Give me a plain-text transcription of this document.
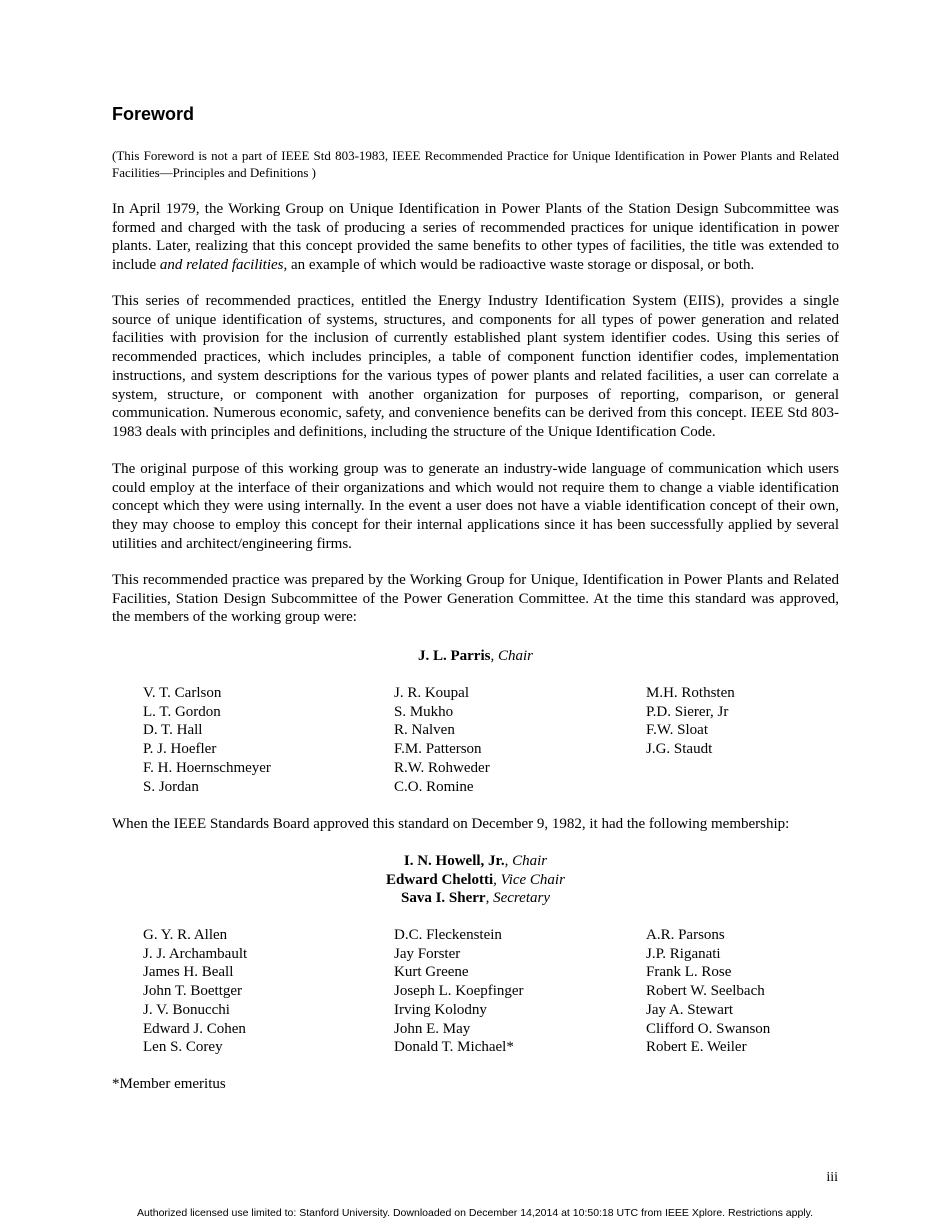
Foreword
(This Foreword is not a part of IEEE Std 803-1983, IEEE Recommended Practice for Unique Identification in Power Plants and Related Facilities—Principles and Definitions )
In April 1979, the Working Group on Unique Identification in Power Plants of the Station Design Subcommittee was formed and charged with the task of producing a series of recommended practices for unique identification in power plants. Later, realizing that this concept provided the same benefits to other types of facilities, the title was extended to include and related facilities, an example of which would be radioactive waste storage or disposal, or both.
This series of recommended practices, entitled the Energy Industry Identification System (EIIS), provides a single source of unique identification of systems, structures, and components for all types of power generation and related facilities with provision for the inclusion of currently established plant system identifier codes. Using this series of recommended practices, which includes principles, a table of component function identifier codes, implementation instructions, and system descriptions for the various types of power plants and related facilities, a user can correlate a system, structure, or component with another organization for purposes of reporting, comparison, or general communication. Numerous economic, safety, and convenience benefits can be derived from this concept. IEEE Std 803-1983 deals with principles and definitions, including the structure of the Unique Identification Code.
The original purpose of this working group was to generate an industry-wide language of communication which users could employ at the interface of their organizations and which would not require them to change a viable identification concept which they were using internally. In the event a user does not have a viable identification concept of their own, they may choose to employ this concept for their internal applications since it has been successfully applied by several utilities and architect/engineering firms.
This recommended practice was prepared by the Working Group for Unique, Identification in Power Plants and Related Facilities, Station Design Subcommittee of the Power Generation Committee. At the time this standard was approved, the members of the working group were:
J. L. Parris, Chair
V. T. Carlson
L. T. Gordon
D. T. Hall
P. J. Hoefler
F. H. Hoernschmeyer
S. Jordan
J. R. Koupal
S. Mukho
R. Nalven
F.M. Patterson
R.W. Rohweder
C.O. Romine
M.H. Rothsten
P.D. Sierer, Jr
F.W. Sloat
J.G. Staudt
When the IEEE Standards Board approved this standard on December 9, 1982, it had the following membership:
I. N. Howell, Jr., Chair
Edward Chelotti, Vice Chair
Sava I. Sherr, Secretary
G. Y. R. Allen
J. J. Archambault
James H. Beall
John T. Boettger
J. V. Bonucchi
Edward J. Cohen
Len S. Corey
D.C. Fleckenstein
Jay Forster
Kurt Greene
Joseph L. Koepfinger
Irving Kolodny
John E. May
Donald T. Michael*
A.R. Parsons
J.P. Riganati
Frank L. Rose
Robert W. Seelbach
Jay A. Stewart
Clifford O. Swanson
Robert E. Weiler
*Member emeritus
iii
Authorized licensed use limited to: Stanford University. Downloaded on December 14,2014 at 10:50:18 UTC from IEEE Xplore. Restrictions apply.
